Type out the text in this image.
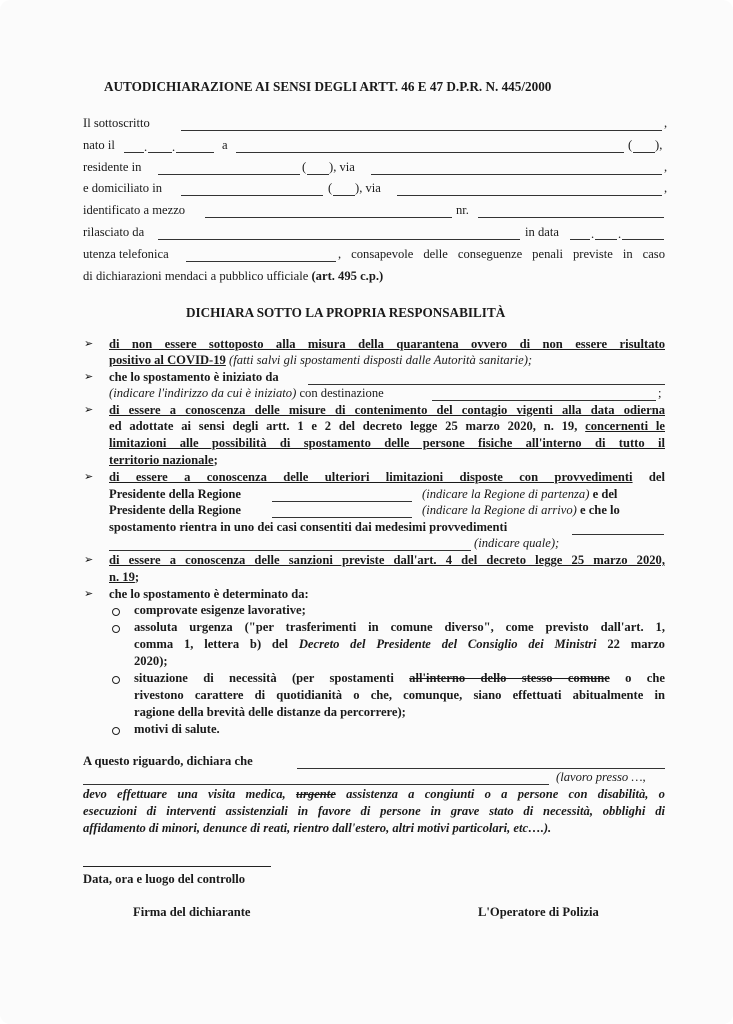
AUTODICHIARAZIONE AI SENSI DEGLI ARTT. 46 E 47 D.P.R. N. 445/2000
Il sottoscritto	,
nato il . .	a	( ),
residente in	( ), via	,
e domiciliato in	( ), via	,
identificato a mezzo	nr.
rilasciato da	in data	. .
utenza telefonica	, consapevole delle conseguenze penali previste in caso
di dichiarazioni mendaci a pubblico ufficiale (art. 495 c.p.)
DICHIARA SOTTO LA PROPRIA RESPONSABILITÀ
➢ di non essere sottoposto alla misura della quarantena ovvero di non essere risultato
positivo al COVID-19 (fatti salvi gli spostamenti disposti dalle Autorità sanitarie);
➢ che lo spostamento è iniziato da
(indicare l'indirizzo da cui è iniziato) con destinazione	;
➢ di essere a conoscenza delle misure di contenimento del contagio vigenti alla data odierna
ed adottate ai sensi degli artt. 1 e 2 del decreto legge 25 marzo 2020, n. 19, concernenti le
limitazioni alle possibilità di spostamento delle persone fisiche all'interno di tutto il
territorio nazionale;
➢ di essere a conoscenza delle ulteriori limitazioni disposte con provvedimenti del
Presidente della Regione	(indicare la Regione di partenza) e del
Presidente della Regione	(indicare la Regione di arrivo) e che lo
spostamento rientra in uno dei casi consentiti dai medesimi provvedimenti
(indicare quale);
➢ di essere a conoscenza delle sanzioni previste dall'art. 4 del decreto legge 25 marzo 2020,
n. 19;
➢ che lo spostamento è determinato da:
comprovate esigenze lavorative;
assoluta urgenza ("per trasferimenti in comune diverso", come previsto dall'art. 1,
comma 1, lettera b) del Decreto del Presidente del Consiglio dei Ministri 22 marzo
2020);
situazione di necessità (per spostamenti all'interno dello stesso comune o che
rivestono carattere di quotidianità o che, comunque, siano effettuati abitualmente in
ragione della brevità delle distanze da percorrere);
motivi di salute.
A questo riguardo, dichiara che
(lavoro presso …,
devo effettuare una visita medica, urgente assistenza a congiunti o a persone con disabilità, o
esecuzioni di interventi assistenziali in favore di persone in grave stato di necessità, obblighi di
affidamento di minori, denunce di reati, rientro dall'estero, altri motivi particolari, etc….).
Data, ora e luogo del controllo
Firma del dichiarante	L'Operatore di Polizia
